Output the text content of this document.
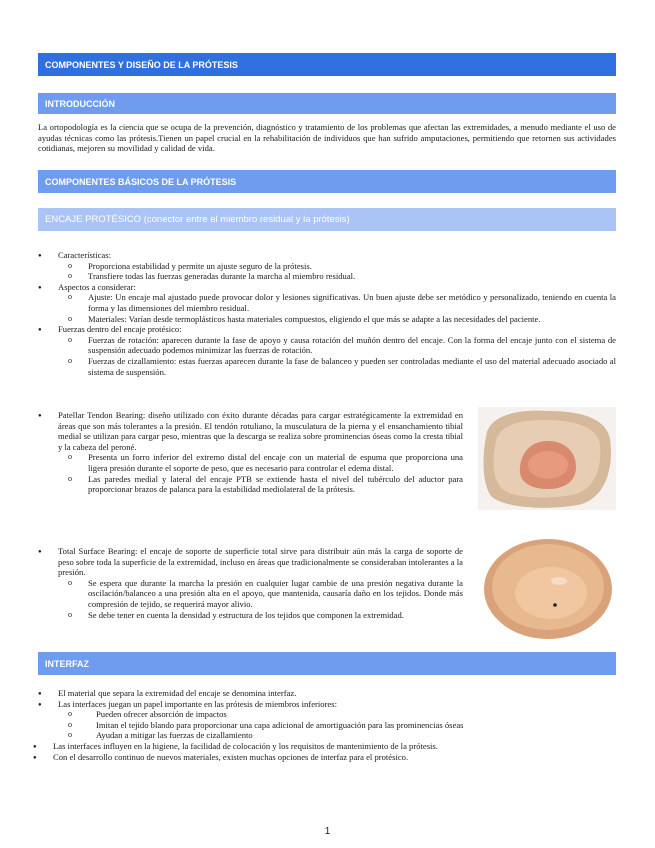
COMPONENTES Y DISEÑO DE LA PRÓTESIS
INTRODUCCIÓN
La ortopodología es la ciencia que se ocupa de la prevención, diagnóstico y tratamiento de los problemas que afectan las extremidades, a menudo mediante el uso de ayudas técnicas como las prótesis.Tienen un papel crucial en la rehabilitación de individuos que han sufrido amputaciones, permitiendo que retornen sus actividades cotidianas, mejoren su movilidad y calidad de vida.
COMPONENTES BÁSICOS DE LA PRÓTESIS
ENCAJE PROTÉSICO (conector entre el miembro residual y la prótesis)
● Características:
o Proporciona estabilidad y permite un ajuste seguro de la prótesis.
o Transfiere todas las fuerzas generadas durante la marcha al miembro residual.
● Aspectos a considerar:
o Ajuste: Un encaje mal ajustado puede provocar dolor y lesiones significativas. Un buen ajuste debe ser metódico y personalizado, teniendo en cuenta la forma y las dimensiones del miembro residual.
o Materiales: Varían desde termoplásticos hasta materiales compuestos, eligiendo el que más se adapte a las necesidades del paciente.
● Fuerzas dentro del encaje protésico:
o Fuerzas de rotación: aparecen durante la fase de apoyo y causa rotación del muñón dentro del encaje. Con la forma del encaje junto con el sistema de suspensión adecuado podemos minimizar las fuerzas de rotación.
o Fuerzas de cizallamiento: estas fuerzas aparecen durante la fase de balanceo y pueden ser controladas mediante el uso del material adecuado asociado al sistema de suspensión.
● Patellar Tendon Bearing: diseño utilizado con éxito durante décadas para cargar estratégicamente la extremidad en áreas que son más tolerantes a la presión. El tendón rotuliano, la musculatura de la pierna y el ensanchamiento tibial medial se utilizan para cargar peso, mientras que la descarga se realiza sobre prominencias óseas como la cresta tibial y la cabeza del peroné.
o Presenta un forro inferior del extremo distal del encaje con un material de espuma que proporciona una ligera presión durante el soporte de peso, que es necesario para controlar el edema distal.
o Las paredes medial y lateral del encaje PTB se extiende hasta el nivel del tubérculo del aductor para proporcionar brazos de palanca para la estabilidad mediolateral de la prótesis.
● Total Surface Bearing: el encaje de soporte de superficie total sirve para distribuir aún más la carga de soporte de peso sobre toda la superficie de la extremidad, incluso en áreas que tradicionalmente se consideraban intolerantes a la presión.
o Se espera que durante la marcha la presión en cualquier lugar cambie de una presión negativa durante la oscilación/balanceo a una presión alta en el apoyo, que mantenida, causaría daño en los tejidos. Donde más compresión de tejido, se requerirá mayor alivio.
o Se debe tener en cuenta la densidad y estructura de los tejidos que componen la extremidad.
INTERFAZ
● El material que separa la extremidad del encaje se denomina interfaz.
● Las interfaces juegan un papel importante en las prótesis de miembros inferiores:
o Pueden ofrecer absorción de impactos
o Imitan el tejido blando para proporcionar una capa adicional de amortiguación para las prominencias óseas
o Ayudan a mitigar las fuerzas de cizallamiento
● Las interfaces influyen en la higiene, la facilidad de colocación y los requisitos de mantenimiento de la prótesis.
● Con el desarrollo continuo de nuevos materiales, existen muchas opciones de interfaz para el protésico.
1
